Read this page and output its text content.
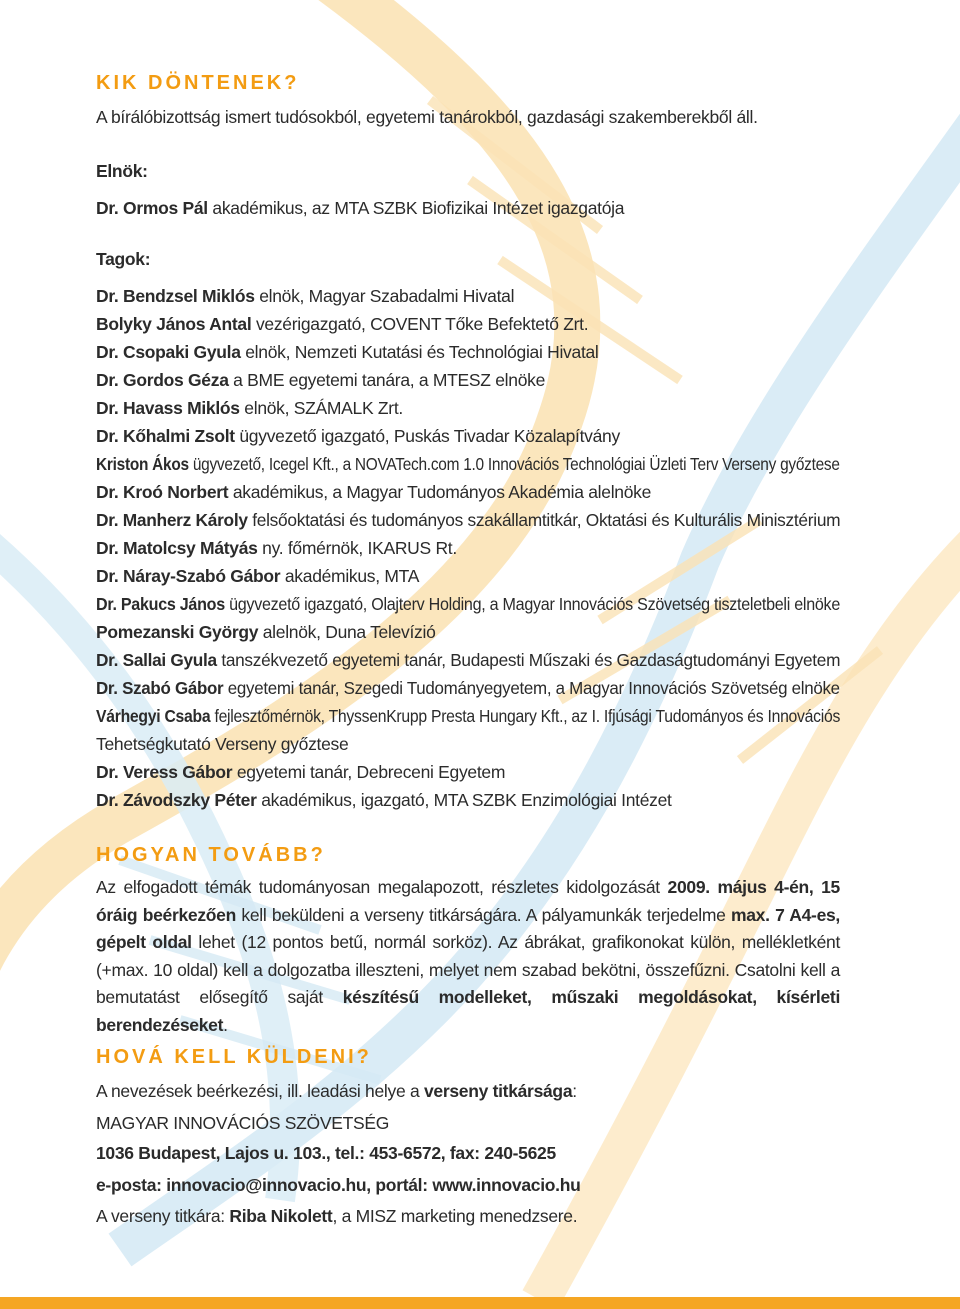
KIK DÖNTENEK?
A bírálóbizottság ismert tudósokból, egyetemi tanárokból, gazdasági szakemberekből áll.
Elnök:
Dr. Ormos Pál akadémikus, az MTA SZBK Biofizikai Intézet igazgatója
Tagok:
Dr. Bendzsel Miklós elnök, Magyar Szabadalmi Hivatal
Bolyky János Antal vezérigazgató, COVENT Tőke Befektető Zrt.
Dr. Csopaki Gyula elnök, Nemzeti Kutatási és Technológiai Hivatal
Dr. Gordos Géza a BME egyetemi tanára, a MTESZ elnöke
Dr. Havass Miklós elnök, SZÁMALK Zrt.
Dr. Kőhalmi Zsolt ügyvezető igazgató, Puskás Tivadar Közalapítvány
Kriston Ákos ügyvezető, Icegel Kft., a NOVATech.com 1.0 Innovációs Technológiai Üzleti Terv Verseny győztese
Dr. Kroó Norbert akadémikus, a Magyar Tudományos Akadémia alelnöke
Dr. Manherz Károly felsőoktatási és tudományos szakállamtitkár, Oktatási és Kulturális Minisztérium
Dr. Matolcsy Mátyás ny. főmérnök, IKARUS Rt.
Dr. Náray-Szabó Gábor akadémikus, MTA
Dr. Pakucs János ügyvezető igazgató, Olajterv Holding, a Magyar Innovációs Szövetség tiszteletbeli elnöke
Pomezanski György alelnök, Duna Televízió
Dr. Sallai Gyula tanszékvezető egyetemi tanár, Budapesti Műszaki és Gazdaságtudományi Egyetem
Dr. Szabó Gábor egyetemi tanár, Szegedi Tudományegyetem, a Magyar Innovációs Szövetség elnöke
Várhegyi Csaba fejlesztőmérnök, ThyssenKrupp Presta Hungary Kft., az I. Ifjúsági Tudományos és Innovációs
Tehetségkutató Verseny győztese
Dr. Veress Gábor egyetemi tanár, Debreceni Egyetem
Dr. Závodszky Péter akadémikus, igazgató, MTA SZBK Enzimológiai Intézet
HOGYAN TOVÁBB?
Az elfogadott témák tudományosan megalapozott, részletes kidolgozását 2009. május 4-én, 15 óráig beérkezően kell beküldeni a verseny titkárságára. A pályamunkák terjedelme max. 7 A4-es, gépelt oldal lehet (12 pontos betű, normál sorköz). Az ábrákat, grafikonokat külön, mellékletként (+max. 10 oldal) kell a dolgozatba illeszteni, melyet nem szabad bekötni, összefűzni. Csatolni kell a bemutatást elősegítő saját készítésű modelleket, műszaki megoldásokat, kísérleti berendezéseket.
HOVÁ KELL KÜLDENI?
A nevezések beérkezési, ill. leadási helye a verseny titkársága:
MAGYAR INNOVÁCIÓS SZÖVETSÉG
1036 Budapest, Lajos u. 103., tel.: 453-6572, fax: 240-5625
e-posta: innovacio@innovacio.hu, portál: www.innovacio.hu
A verseny titkára: Riba Nikolett, a MISZ marketing menedzsere.
